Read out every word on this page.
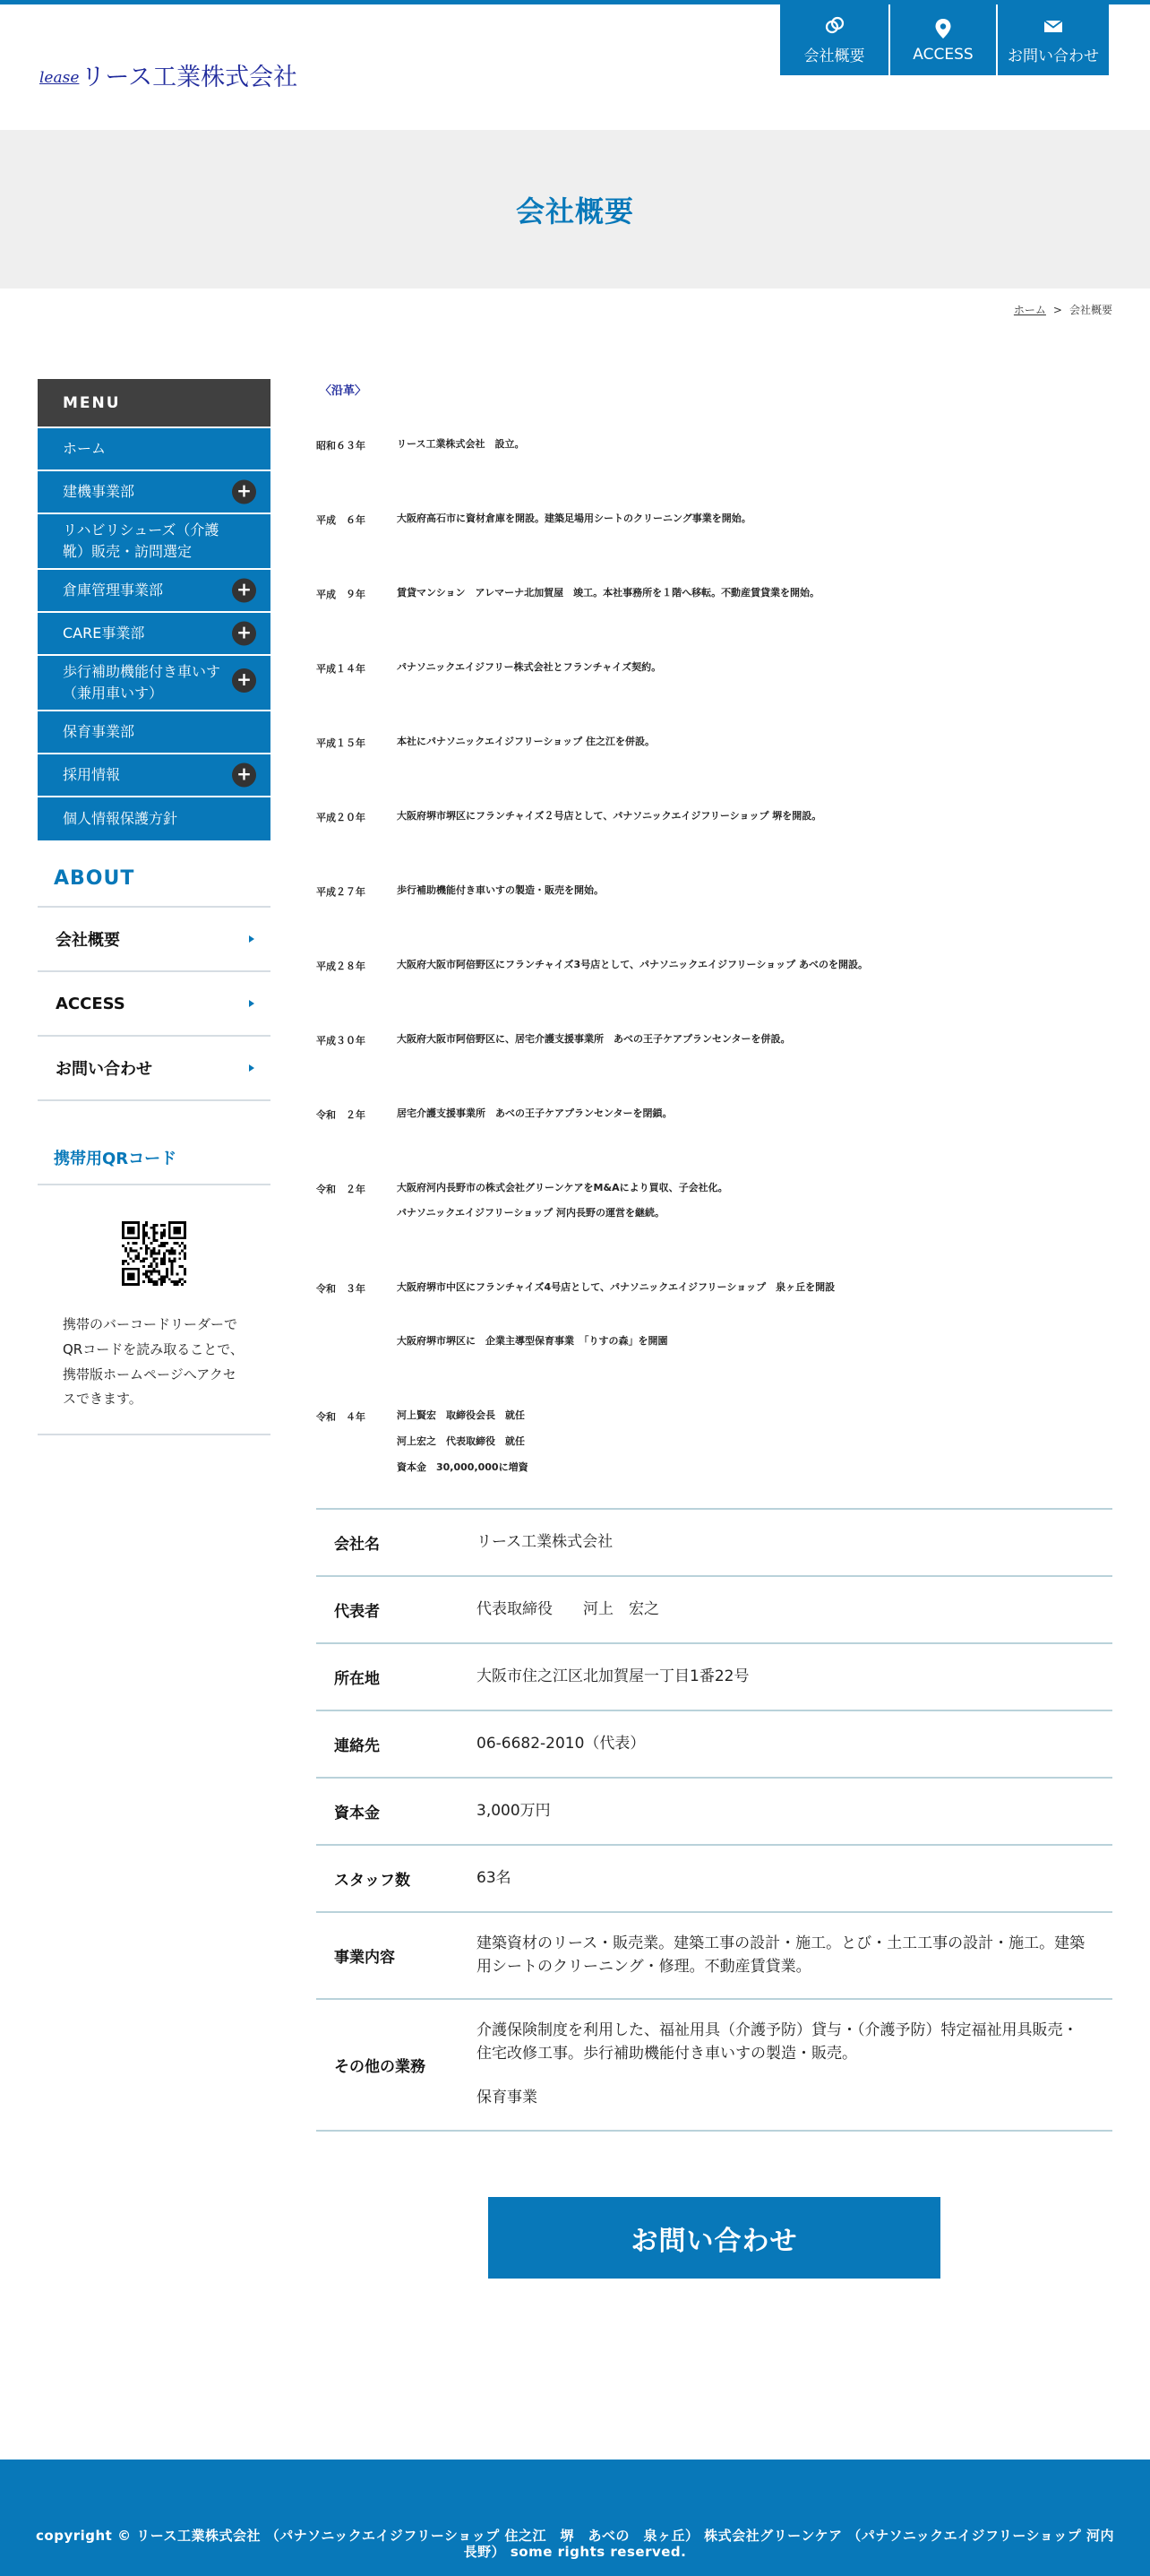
lease リース工業株式会社
会社概要	ACCESS お問い合わせ
会社概要
ホーム > 会社概要
MENU
ホーム
建機事業部	+
リハビリシューズ（介護靴）販売・訪問選定
倉庫管理事業部	+
CARE事業部	+
歩行補助機能付き車いす（兼用車いす）
+
保育事業部
採用情報	+
個人情報保護方針
ABOUT
会社概要
ACCESS
お問い合わせ
携帯用QRコード
携帯のバーコードリーダーでQRコードを読み取ることで、携帯版ホームページへアクセスできます。
〈沿革〉
昭和６３年	リース工業株式会社　設立。
平成　６年	大阪府高石市に資材倉庫を開設。建築足場用シートのクリーニング事業を開始。
平成　９年	賃貸マンション　アレマーナ北加賀屋　竣工。本社事務所を１階へ移転。不動産賃貸業を開始。
平成１４年	パナソニックエイジフリー株式会社とフランチャイズ契約。
平成１５年	本社にパナソニックエイジフリーショップ 住之江を併設。
平成２０年	大阪府堺市堺区にフランチャイズ２号店として、パナソニックエイジフリーショップ 堺を開設。
平成２７年	歩行補助機能付き車いすの製造・販売を開始。
平成２８年	大阪府大阪市阿倍野区にフランチャイズ3号店として、パナソニックエイジフリーショップ あべのを開設。
平成３０年	大阪府大阪市阿倍野区に、居宅介護支援事業所　あべの王子ケアプランセンターを併設。
令和　２年	居宅介護支援事業所　あべの王子ケアプランセンターを閉鎖。
令和　２年	大阪府河内長野市の株式会社グリーンケアをM&Aにより買収、子会社化。
パナソニックエイジフリーショップ 河内長野の運営を継続。
令和　３年	大阪府堺市中区にフランチャイズ4号店として、パナソニックエイジフリーショップ　泉ヶ丘を開設
大阪府堺市堺区に　企業主導型保育事業　「りすの森」を開園
令和　４年	河上賢宏　取締役会長　就任
河上宏之　代表取締役　就任
資本金　30,000,000に増資
会社名	リース工業株式会社
代表者	代表取締役　　河上　宏之
所在地	大阪市住之江区北加賀屋一丁目1番22号
連絡先	06-6682-2010（代表）
資本金	3,000万円
スタッフ数	63名
事業内容	建築資材のリース・販売業。建築工事の設計・施工。とび・土工工事の設計・施工。建築用シートのクリーニング・修理。不動産賃貸業。
その他の業務	介護保険制度を利用した、福祉用具（介護予防）貸与・（介護予防）特定福祉用具販売・住宅改修工事。歩行補助機能付き車いすの製造・販売。
保育事業
お問い合わせ
copyright © リース工業株式会社 （パナソニックエイジフリーショップ 住之江　堺　あべの　泉ヶ丘） 株式会社グリーンケア （パナソニックエイジフリーショップ 河内長野） some rights reserved.
